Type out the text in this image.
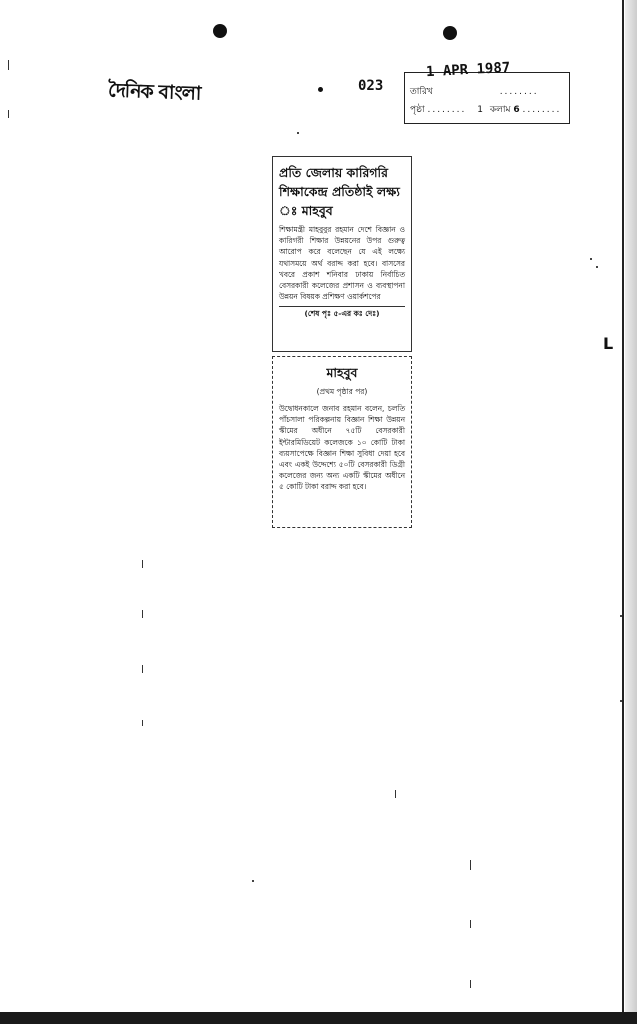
দৈনিক বাংলা	023
1 APR 1987
তারিখ	........
পৃষ্ঠা ........ 1 কলাম 6 ........
প্রতি জেলায় কারিগরি শিক্ষাকেন্দ্র প্রতিষ্ঠাই লক্ষ্য ঃ মাহবুব
শিক্ষামন্ত্রী মাহবুবুর রহমান দেশে বিজ্ঞান ও কারিগরী শিক্ষার উন্নয়নের উপর গুরুত্ব আরোপ করে বলেছেন যে এই লক্ষ্যে যথাসময়ে অর্থ বরাদ্দ করা হবে। বাসসের খবরে প্রকাশ শনিবার ঢাকায় নির্বাচিত বেসরকারী কলেজের প্রশাসন ও ব্যবস্থাপনা উন্নয়ন বিষয়ক প্রশিক্ষণ ওয়ার্কশপের
(শেষ পৃঃ ৫-এর কঃ দেঃ)
মাহবুব
(প্রথম পৃষ্ঠার পর)
উদ্বোধনকালে জনাব রহমান বলেন, চলতি পাঁচসালা পরিকল্পনায় বিজ্ঞান শিক্ষা উন্নয়ন স্কীমের অধীনে ৭৫টি বেসরকারী ইন্টারমিডিয়েট কলেজকে ১০ কোটি টাকা ব্যয়সাপেক্ষে বিজ্ঞান শিক্ষা সুবিধা দেয়া হবে এবং একই উদ্দেশ্যে ৫০টি বেসরকারী ডিগ্রী কলেজের জন্য অন্য একটি স্কীমের অধীনে ৫ কোটি টাকা বরাদ্দ করা হবে।
L
